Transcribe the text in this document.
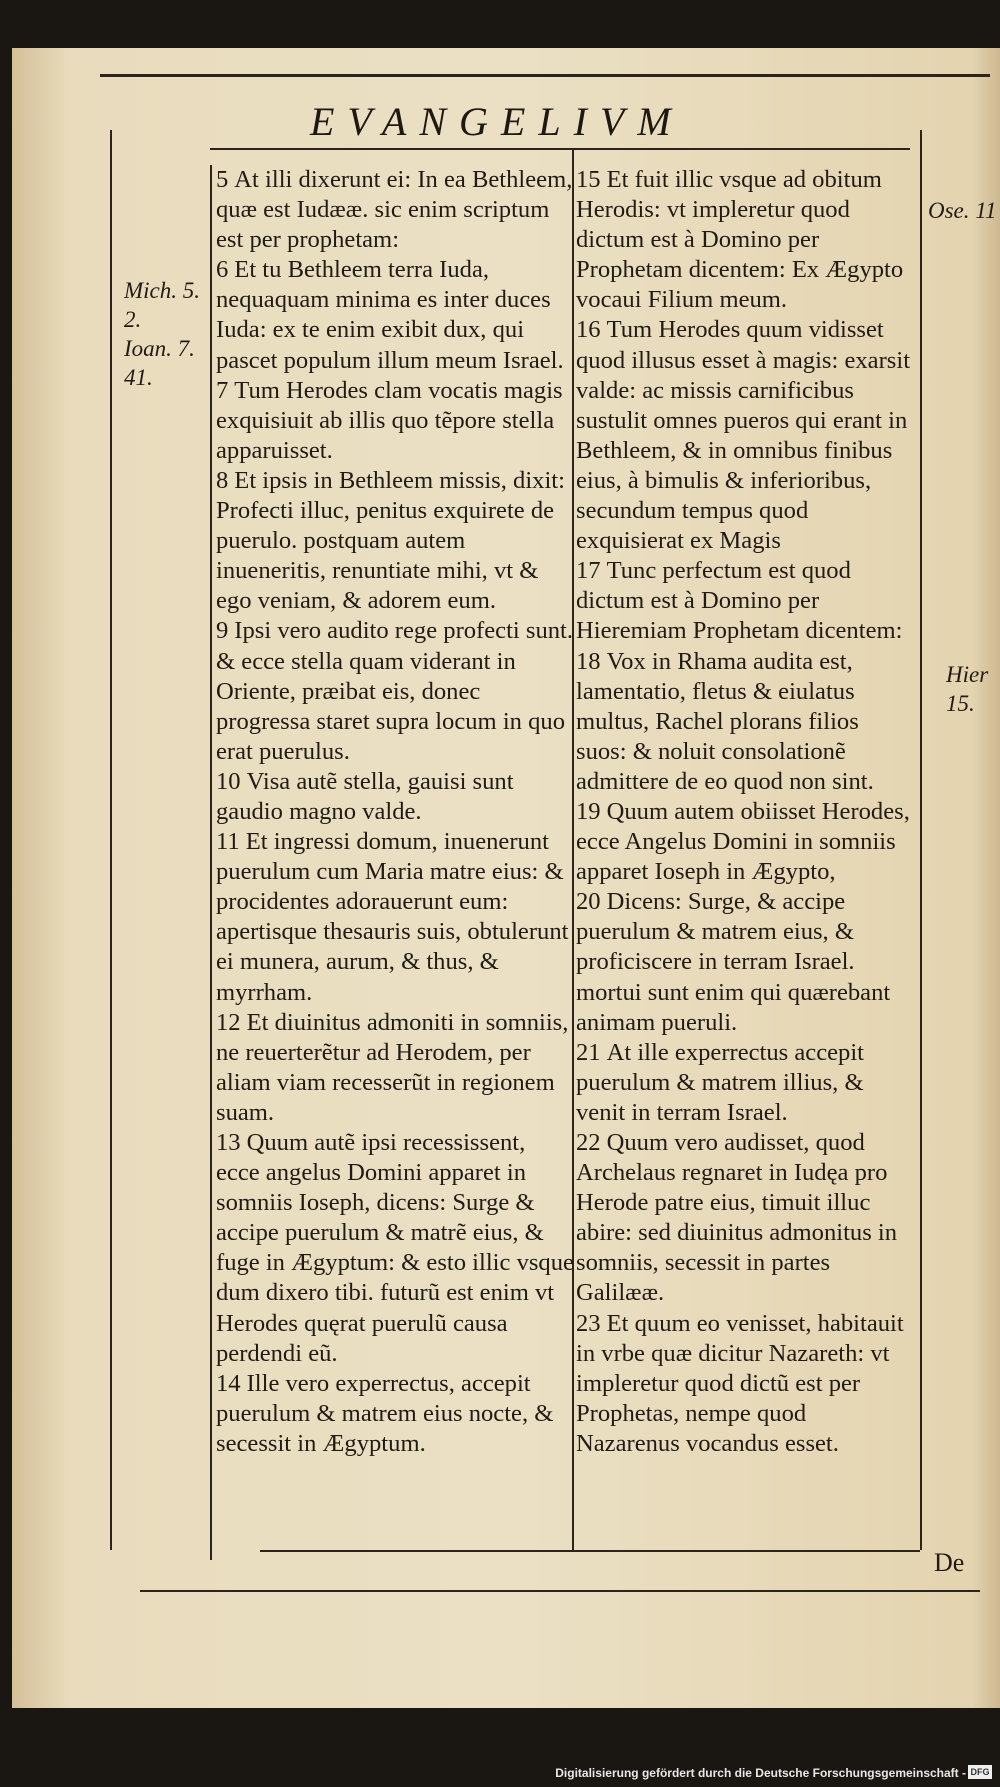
EVANGELIVM
Mich. 5.
2.
Ioan. 7.
41.
Ose. 11
Hier
15.

5 At illi dixerunt ei: In ea Bethleem, quæ est Iudææ. sic enim scriptum est per prophetam:

6 Et tu Bethleem terra Iuda, nequaquam minima es inter duces Iuda: ex te enim exibit dux, qui pascet populum illum meum Israel.

7 Tum Herodes clam vocatis magis exquisiuit ab illis quo tẽpore stella apparuisset.

8 Et ipsis in Bethleem missis, dixit: Profecti illuc, penitus exquirete de puerulo. postquam autem inueneritis, renuntiate mihi, vt & ego veniam, & adorem eum.

9 Ipsi vero audito rege profecti sunt. & ecce stella quam viderant in Oriente, præibat eis, donec progressa staret supra locum in quo erat puerulus.

10 Visa autẽ stella, gauisi sunt gaudio magno valde.

11 Et ingressi domum, inuenerunt puerulum cum Maria matre eius: & procidentes adorauerunt eum: apertisque thesauris suis, obtulerunt ei munera, aurum, & thus, & myrrham.

12 Et diuinitus admoniti in somniis, ne reuerterẽtur ad Herodem, per aliam viam recesserũt in regionem suam.

13 Quum autẽ ipsi recessissent, ecce angelus Domini apparet in somniis Ioseph, dicens: Surge & accipe puerulum & matrẽ eius, & fuge in Ægyptum: & esto illic vsque dum dixero tibi. futurũ est enim vt Herodes quęrat puerulũ causa perdendi eũ.

14 Ille vero experrectus, accepit puerulum & matrem eius nocte, & secessit in Ægyptum.

15 Et fuit illic vsque ad obitum Herodis: vt impleretur quod dictum est à Domino per Prophetam dicentem: Ex Ægypto vocaui Filium meum.

16 Tum Herodes quum vidisset quod illusus esset à magis: exarsit valde: ac missis carnificibus sustulit omnes pueros qui erant in Bethleem, & in omnibus finibus eius, à bimulis & inferioribus, secundum tempus quod exquisierat ex Magis

17 Tunc perfectum est quod dictum est à Domino per Hieremiam Prophetam dicentem:

18 Vox in Rhama audita est, lamentatio, fletus & eiulatus multus, Rachel plorans filios suos: & noluit consolationẽ admittere de eo quod non sint.

19 Quum autem obiisset Herodes, ecce Angelus Domini in somniis apparet Ioseph in Ægypto,

20 Dicens: Surge, & accipe puerulum & matrem eius, & proficiscere in terram Israel. mortui sunt enim qui quærebant animam pueruli.

21 At ille experrectus accepit puerulum & matrem illius, & venit in terram Israel.

22 Quum vero audisset, quod Archelaus regnaret in Iudęa pro Herode patre eius, timuit illuc abire: sed diuinitus admonitus in somniis, secessit in partes Galilææ.

23 Et quum eo venisset, habitauit in vrbe quæ dicitur Nazareth: vt impleretur quod dictũ est per Prophetas, nempe quod Nazarenus vocandus esset.

De
Digitalisierung gefördert durch die Deutsche Forschungsgemeinschaft - DFG
